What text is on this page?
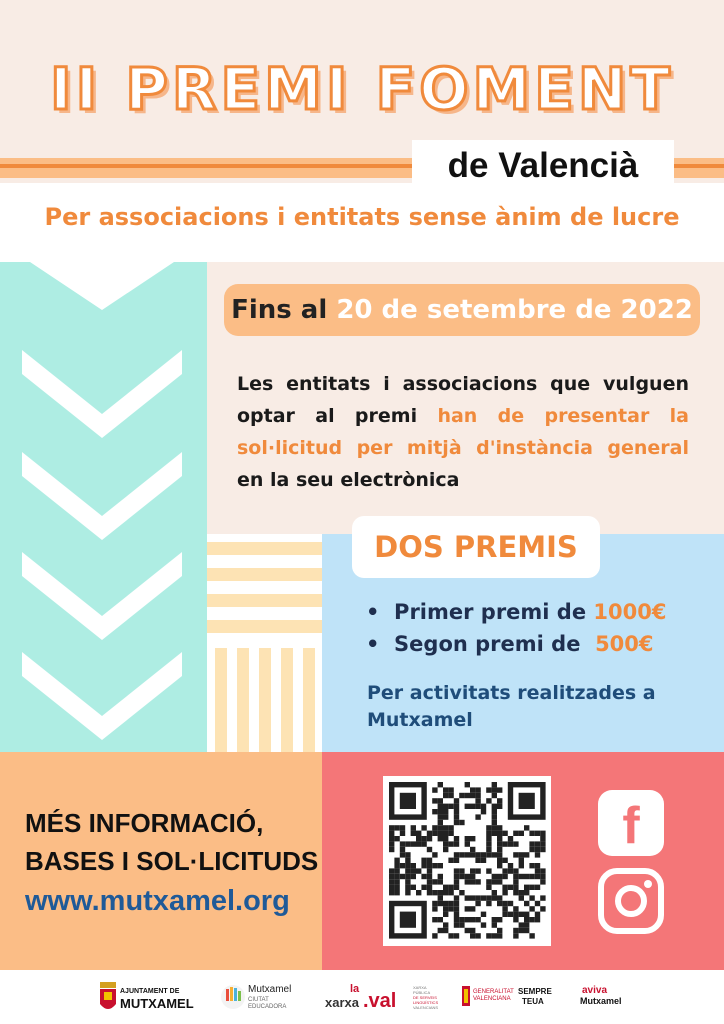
II PREMI FOMENT
de Valencià
Per associacions i entitats sense ànim de lucre
Fins al 20 de setembre de 2022
Les entitats i associacions que vulguen optar al premi han de presentar la sol·licitud per mitjà d'instància general en la seu electrònica
DOS PREMIS
•  Primer premi de 1000€
•  Segon premi de  500€
Per activitats realitzades a Mutxamel
MÉS INFORMACIÓ,
BASES I SOL·LICITUDS
www.mutxamel.org
f
AJUNTAMENT DE
MUTXAMEL
Mutxamel
CIUTAT
EDUCADORA
la
xarxa .val
XARXA
PÚBLICA
DE SERVEIS
LINGÜÍSTICS
VALENCIANS
GENERALITAT
VALENCIANA
SEMPRE
TEUA
aviva
Mutxamel
